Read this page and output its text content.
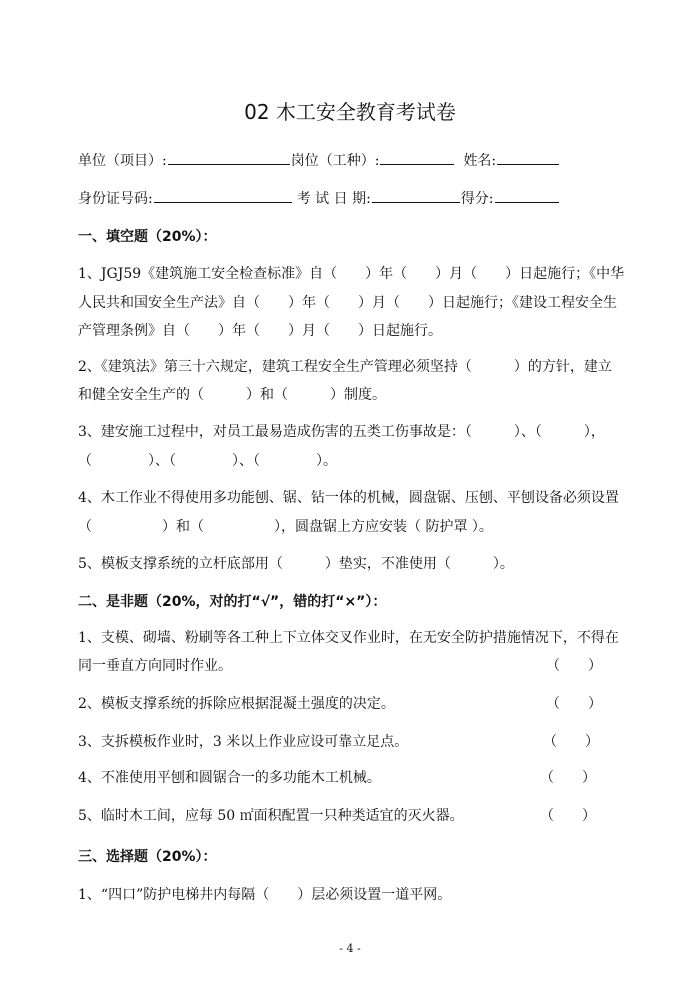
02 木工安全教育考试卷
单位（项目）:	岗位（工种）:	姓名:
身份证号码:	考 试 日 期:	得分:
一、填空题（20%）：
1、JGJ59《建筑施工安全检查标准》自（　　）年（　　）月（　　）日起施行；《中华
人民共和国安全生产法》自（　　）年（　　）月（　　）日起施行；《建设工程安全生
产管理条例》自（　　）年（　　）月（　　）日起施行。
2、《建筑法》第三十六规定，建筑工程安全生产管理必须坚持（　　　）的方针，建立
和健全安全生产的（　　　）和（　　　）制度。
3、建安施工过程中，对员工最易造成伤害的五类工伤事故是：（　　　）、（　　　），
（　　　　）、（　　　　）、（　　　　）。
4、木工作业不得使用多功能刨、锯、钻一体的机械，圆盘锯、压刨、平刨设备必须设置
（　　　　　）和（　　　　　），圆盘锯上方应安装（ 防护罩 ）。
5、模板支撑系统的立杆底部用（　　　）垫实，不准使用（　　　）。
二、是非题（20%，对的打“√”，错的打“×”）：
1、支模、砌墙、粉刷等各工种上下立体交叉作业时，在无安全防护措施情况下，不得在
同一垂直方向同时作业。	（　　）
2、模板支撑系统的拆除应根据混凝土强度的决定。	（　　）
3、支拆模板作业时，3 米以上作业应设可靠立足点。	（　　）
4、不准使用平刨和圆锯合一的多功能木工机械。	（　　）
5、临时木工间，应每 50 ㎡面积配置一只种类适宜的灭火器。	（　　）
三、选择题（20%）：
1、“四口”防护电梯井内每隔（　　）层必须设置一道平网。
- 4 -
